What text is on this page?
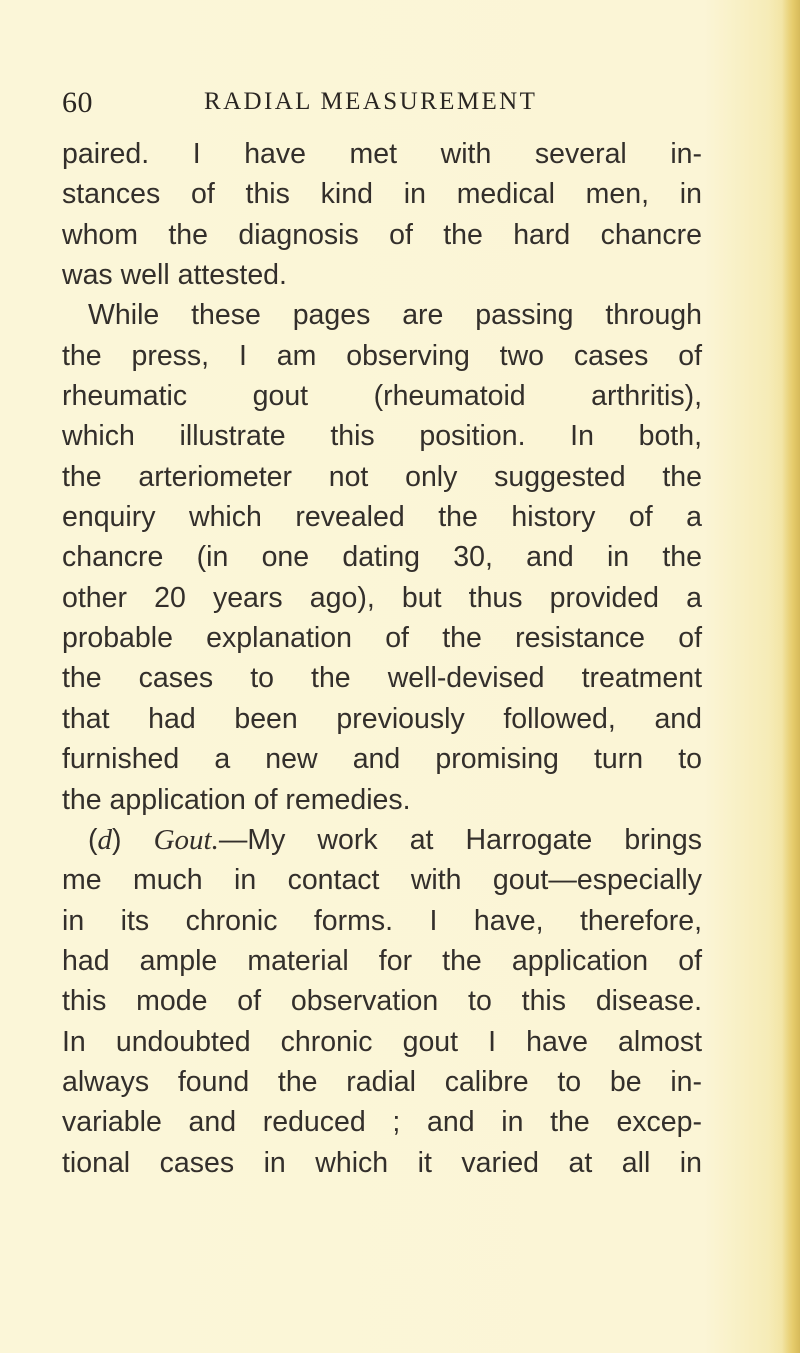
60	RADIAL MEASUREMENT
paired. I have met with several in-
stances of this kind in medical men, in
whom the diagnosis of the hard chancre
was well attested.
While these pages are passing through
the press, I am observing two cases of
rheumatic gout (rheumatoid arthritis),
which illustrate this position. In both,
the arteriometer not only suggested the
enquiry which revealed the history of a
chancre (in one dating 30, and in the
other 20 years ago), but thus provided a
probable explanation of the resistance of
the cases to the well-devised treatment
that had been previously followed, and
furnished a new and promising turn to
the application of remedies.
(d) Gout.—My work at Harrogate brings
me much in contact with gout—especially
in its chronic forms. I have, therefore,
had ample material for the application of
this mode of observation to this disease.
In undoubted chronic gout I have almost
always found the radial calibre to be in-
variable and reduced ; and in the excep-
tional cases in which it varied at all in
